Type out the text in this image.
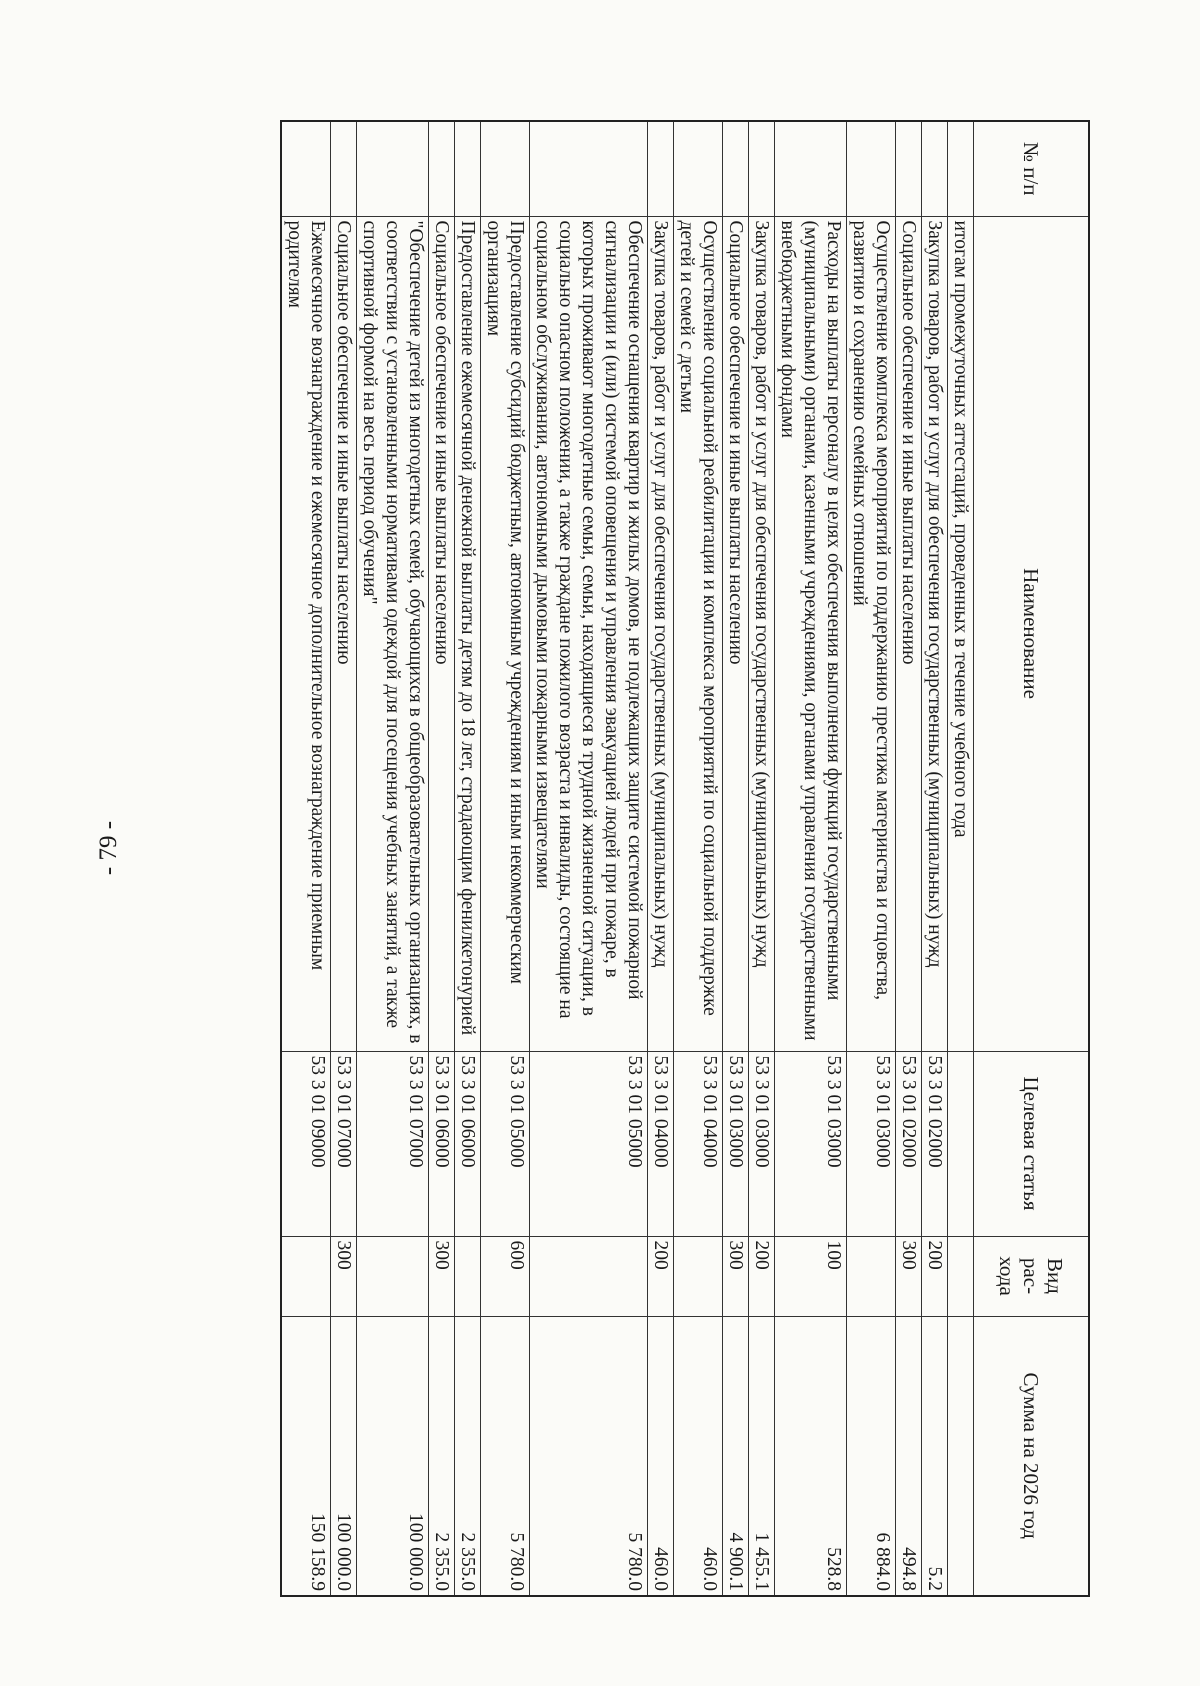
- 79 -
№ п/п	Наименование	Целевая статья	Вид рас-хода	Сумма на 2026 год
	итогам промежуточных аттестаций, проведенных в течение учебного года			
	Закупка товаров, работ и услуг для обеспечения государственных (муниципальных) нужд	53 3 01 02000	200	5.2
	Социальное обеспечение и иные выплаты населению	53 3 01 02000	300	494.8
	Осуществление комплекса мероприятий по поддержанию престижа материнства и отцовства, развитию и сохранению семейных отношений	53 3 01 03000		6 884.0
	Расходы на выплаты персоналу в целях обеспечения выполнения функций государственными (муниципальными) органами, казенными учреждениями, органами управления государственными внебюджетными фондами	53 3 01 03000	100	528.8
	Закупка товаров, работ и услуг для обеспечения государственных (муниципальных) нужд	53 3 01 03000	200	1 455.1
	Социальное обеспечение и иные выплаты населению	53 3 01 03000	300	4 900.1
	Осуществление социальной реабилитации и комплекса мероприятий по социальной поддержке детей и семей с детьми	53 3 01 04000		460.0
	Закупка товаров, работ и услуг для обеспечения государственных (муниципальных) нужд	53 3 01 04000	200	460.0
	Обеспечение оснащения квартир и жилых домов, не подлежащих защите системой пожарной сигнализации и (или) системой оповещения и управления эвакуацией людей при пожаре, в которых проживают многодетные семьи, семьи, находящиеся в трудной жизненной ситуации, в социально опасном положении, а также граждане пожилого возраста и инвалиды, состоящие на социальном обслуживании, автономными дымовыми пожарными извещателями	53 3 01 05000		5 780.0
	Предоставление субсидий бюджетным, автономным учреждениям и иным некоммерческим организациям	53 3 01 05000	600	5 780.0
	Предоставление ежемесячной денежной выплаты детям до 18 лет, страдающим фенилкетонурией	53 3 01 06000		2 355.0
	Социальное обеспечение и иные выплаты населению	53 3 01 06000	300	2 355.0
	"Обеспечение детей из многодетных семей, обучающихся в общеобразовательных организациях, в соответствии с установленными нормативами одеждой для посещения учебных занятий, а также спортивной формой на весь период обучения"	53 3 01 07000		100 000.0
	Социальное обеспечение и иные выплаты населению	53 3 01 07000	300	100 000.0
	Ежемесячное вознаграждение и ежемесячное дополнительное вознаграждение приемным родителям	53 3 01 09000		150 158.9
